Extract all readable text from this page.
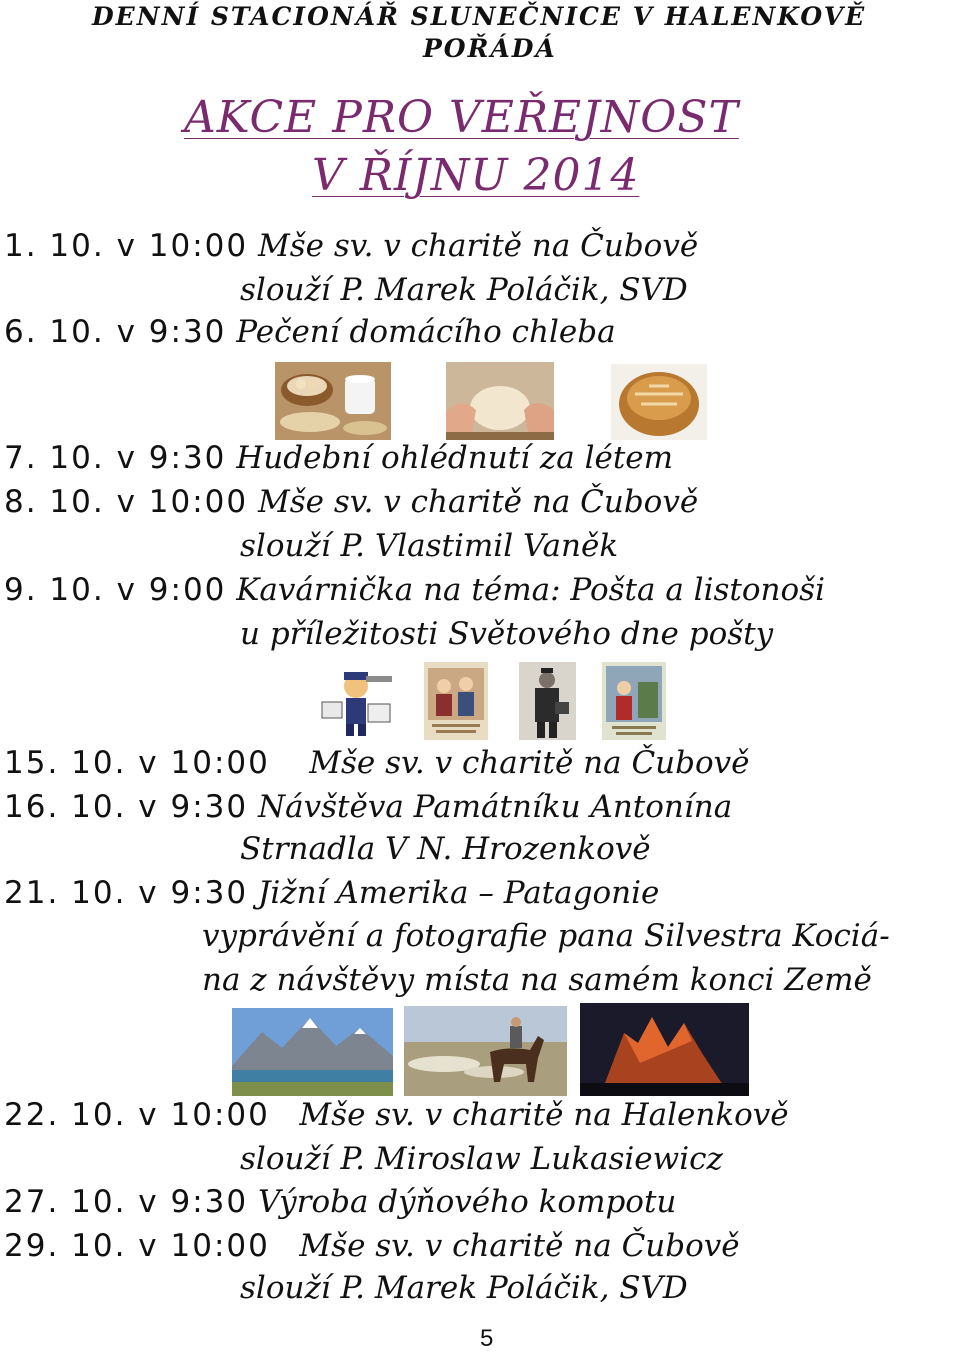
DENNÍ STACIONÁŘ SLUNEČNICE V HALENKOVĚ
POŘÁDÁ
AKCE PRO VEŘEJNOST
V ŘÍJNU 2014
1. 10. v 10:00 Mše sv. v charitě na Čubově
slouží P. Marek Poláčik, SVD
6. 10. v 9:30 Pečení domácího chleba
7. 10. v 9:30 Hudební ohlédnutí za létem
8. 10. v 10:00 Mše sv. v charitě na Čubově
slouží P. Vlastimil Vaněk
9. 10. v 9:00 Kavárnička na téma: Pošta a listonoši
u příležitosti Světového dne pošty
15. 10. v 10:00 Mše sv. v charitě na Čubově
16. 10. v 9:30 Návštěva Památníku Antonína
Strnadla V N. Hrozenkově
21. 10. v 9:30 Jižní Amerika – Patagonie
vyprávění a fotografie pana Silvestra Kociá-
na z návštěvy místa na samém konci Země
22. 10. v 10:00 Mše sv. v charitě na Halenkově
slouží P. Miroslaw Lukasiewicz
27. 10. v 9:30 Výroba dýňového kompotu
29. 10. v 10:00 Mše sv. v charitě na Čubově
slouží P. Marek Poláčik, SVD
5
